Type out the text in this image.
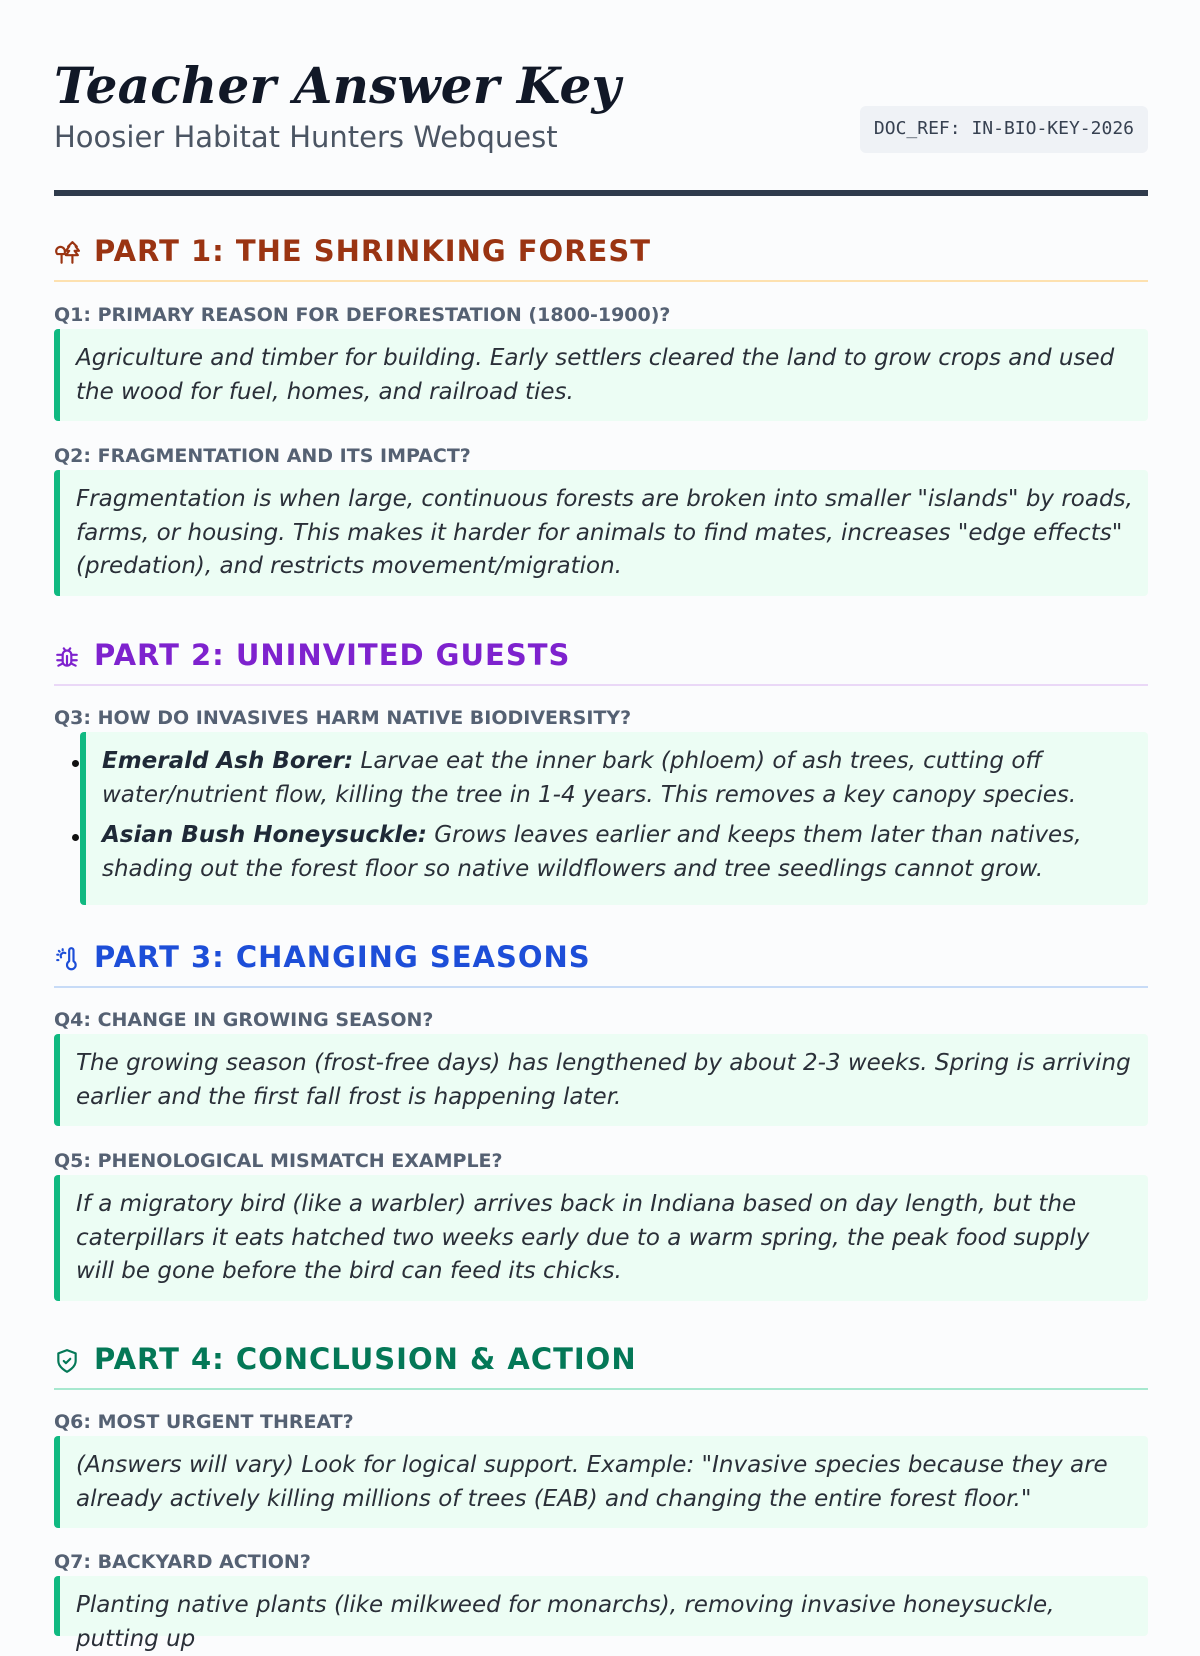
Teacher Answer Key
Hoosier Habitat Hunters Webquest	DOC_REF: IN-BIO-KEY-2026
PART 1: THE SHRINKING FOREST
Q1: PRIMARY REASON FOR DEFORESTATION (1800-1900)?

Agriculture and timber for building. Early settlers cleared the land to grow crops and used the wood for fuel, homes, and railroad ties.

Q2: FRAGMENTATION AND ITS IMPACT?

Fragmentation is when large, continuous forests are broken into smaller "islands" by roads, farms, or housing. This makes it harder for animals to find mates, increases "edge effects" (predation), and restricts movement/migration.

PART 2: UNINVITED GUESTS
Q3: HOW DO INVASIVES HARM NATIVE BIODIVERSITY?
Emerald Ash Borer: Larvae eat the inner bark (phloem) of ash trees, cutting off water/nutrient flow, killing the tree in 1-4 years. This removes a key canopy species.
Asian Bush Honeysuckle: Grows leaves earlier and keeps them later than natives, shading out the forest floor so native wildflowers and tree seedlings cannot grow.
PART 3: CHANGING SEASONS
Q4: CHANGE IN GROWING SEASON?

The growing season (frost-free days) has lengthened by about 2-3 weeks. Spring is arriving earlier and the first fall frost is happening later.

Q5: PHENOLOGICAL MISMATCH EXAMPLE?

If a migratory bird (like a warbler) arrives back in Indiana based on day length, but the caterpillars it eats hatched two weeks early due to a warm spring, the peak food supply will be gone before the bird can feed its chicks.

PART 4: CONCLUSION & ACTION
Q6: MOST URGENT THREAT?

(Answers will vary) Look for logical support. Example: "Invasive species because they are already actively killing millions of trees (EAB) and changing the entire forest floor."

Q7: BACKYARD ACTION?

Planting native plants (like milkweed for monarchs), removing invasive honeysuckle, putting up
